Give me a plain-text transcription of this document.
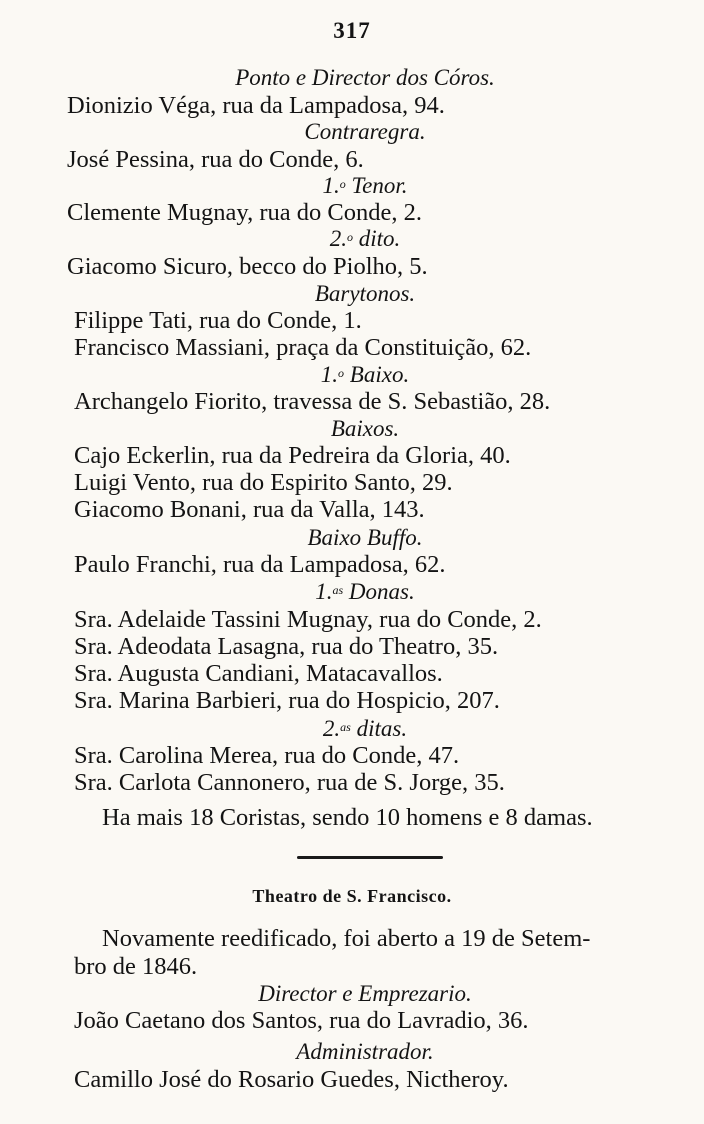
317
Ponto e Director dos Córos.
Dionizio Véga, rua da Lampadosa, 94.
Contraregra.
José Pessina, rua do Conde, 6.
1.$^o$ Tenor.
Clemente Mugnay, rua do Conde, 2.
2.$^o$ dito.
Giacomo Sicuro, becco do Piolho, 5.
Barytonos.
Filippe Tati, rua do Conde, 1.
Francisco Massiani, praça da Constituição, 62.
1.$^o$ Baixo.
Archangelo Fiorito, travessa de S. Sebastião, 28.
Baixos.
Cajo Eckerlin, rua da Pedreira da Gloria, 40.
Luigi Vento, rua do Espirito Santo, 29.
Giacomo Bonani, rua da Valla, 143.
Baixo Buffo.
Paulo Franchi, rua da Lampadosa, 62.
1.$^{as}$ Donas.
Sra. Adelaide Tassini Mugnay, rua do Conde, 2.
Sra. Adeodata Lasagna, rua do Theatro, 35.
Sra. Augusta Candiani, Matacavallos.
Sra. Marina Barbieri, rua do Hospicio, 207.
2.$^{as}$ ditas.
Sra. Carolina Merea, rua do Conde, 47.
Sra. Carlota Cannonero, rua de S. Jorge, 35.
Ha mais 18 Coristas, sendo 10 homens e 8 damas.
Theatro de S. Francisco.
Novamente reedificado, foi aberto a 19 de Setem-
bro de 1846.
Director e Emprezario.
João Caetano dos Santos, rua do Lavradio, 36.
Administrador.
Camillo José do Rosario Guedes, Nictheroy.
